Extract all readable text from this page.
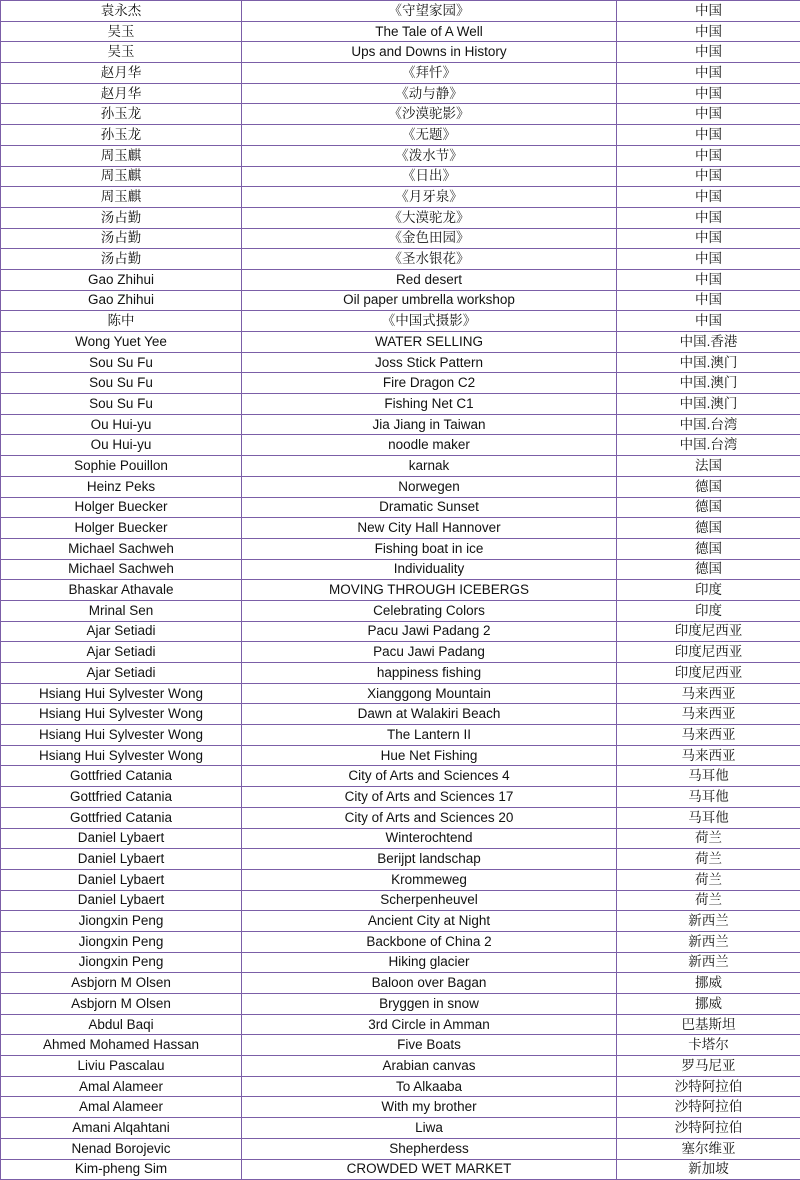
袁永杰	《守望家园》	中国
吴玉	The Tale of A Well	中国
吴玉	Ups and Downs in History	中国
赵月华	《拜忏》	中国
赵月华	《动与静》	中国
孙玉龙	《沙漠驼影》	中国
孙玉龙	《无题》	中国
周玉麒	《泼水节》	中国
周玉麒	《日出》	中国
周玉麒	《月牙泉》	中国
汤占勤	《大漠驼龙》	中国
汤占勤	《金色田园》	中国
汤占勤	《圣水银花》	中国
Gao Zhihui	Red desert	中国
Gao Zhihui	Oil paper umbrella workshop	中国
陈中	《中国式摄影》	中国
Wong Yuet Yee	WATER SELLING	中国.香港
Sou Su Fu	Joss Stick Pattern	中国.澳门
Sou Su Fu	Fire Dragon C2	中国.澳门
Sou Su Fu	Fishing Net C1	中国.澳门
Ou Hui-yu	Jia Jiang in Taiwan	中国.台湾
Ou Hui-yu	noodle maker	中国.台湾
Sophie Pouillon	karnak	法国
Heinz Peks	Norwegen	德国
Holger Buecker	Dramatic Sunset	德国
Holger Buecker	New City Hall Hannover	德国
Michael Sachweh	Fishing boat in ice	德国
Michael Sachweh	Individuality	德国
Bhaskar Athavale	MOVING THROUGH ICEBERGS	印度
Mrinal Sen	Celebrating Colors	印度
Ajar Setiadi	Pacu Jawi Padang 2	印度尼西亚
Ajar Setiadi	Pacu Jawi Padang	印度尼西亚
Ajar Setiadi	happiness fishing	印度尼西亚
Hsiang Hui Sylvester Wong	Xianggong Mountain	马来西亚
Hsiang Hui Sylvester Wong	Dawn at Walakiri Beach	马来西亚
Hsiang Hui Sylvester Wong	The Lantern II	马来西亚
Hsiang Hui Sylvester Wong	Hue Net Fishing	马来西亚
Gottfried Catania	City of Arts and Sciences 4	马耳他
Gottfried Catania	City of Arts and Sciences 17	马耳他
Gottfried Catania	City of Arts and Sciences 20	马耳他
Daniel Lybaert	Winterochtend	荷兰
Daniel Lybaert	Berijpt landschap	荷兰
Daniel Lybaert	Krommeweg	荷兰
Daniel Lybaert	Scherpenheuvel	荷兰
Jiongxin Peng	Ancient City at Night	新西兰
Jiongxin Peng	Backbone of China 2	新西兰
Jiongxin Peng	Hiking glacier	新西兰
Asbjorn M Olsen	Baloon over Bagan	挪威
Asbjorn M Olsen	Bryggen in snow	挪威
Abdul Baqi	3rd Circle in Amman	巴基斯坦
Ahmed Mohamed Hassan	Five Boats	卡塔尔
Liviu Pascalau	Arabian canvas	罗马尼亚
Amal Alameer	To Alkaaba	沙特阿拉伯
Amal Alameer	With my brother	沙特阿拉伯
Amani Alqahtani	Liwa	沙特阿拉伯
Nenad Borojevic	Shepherdess	塞尔维亚
Kim-pheng Sim	CROWDED WET MARKET	新加坡
